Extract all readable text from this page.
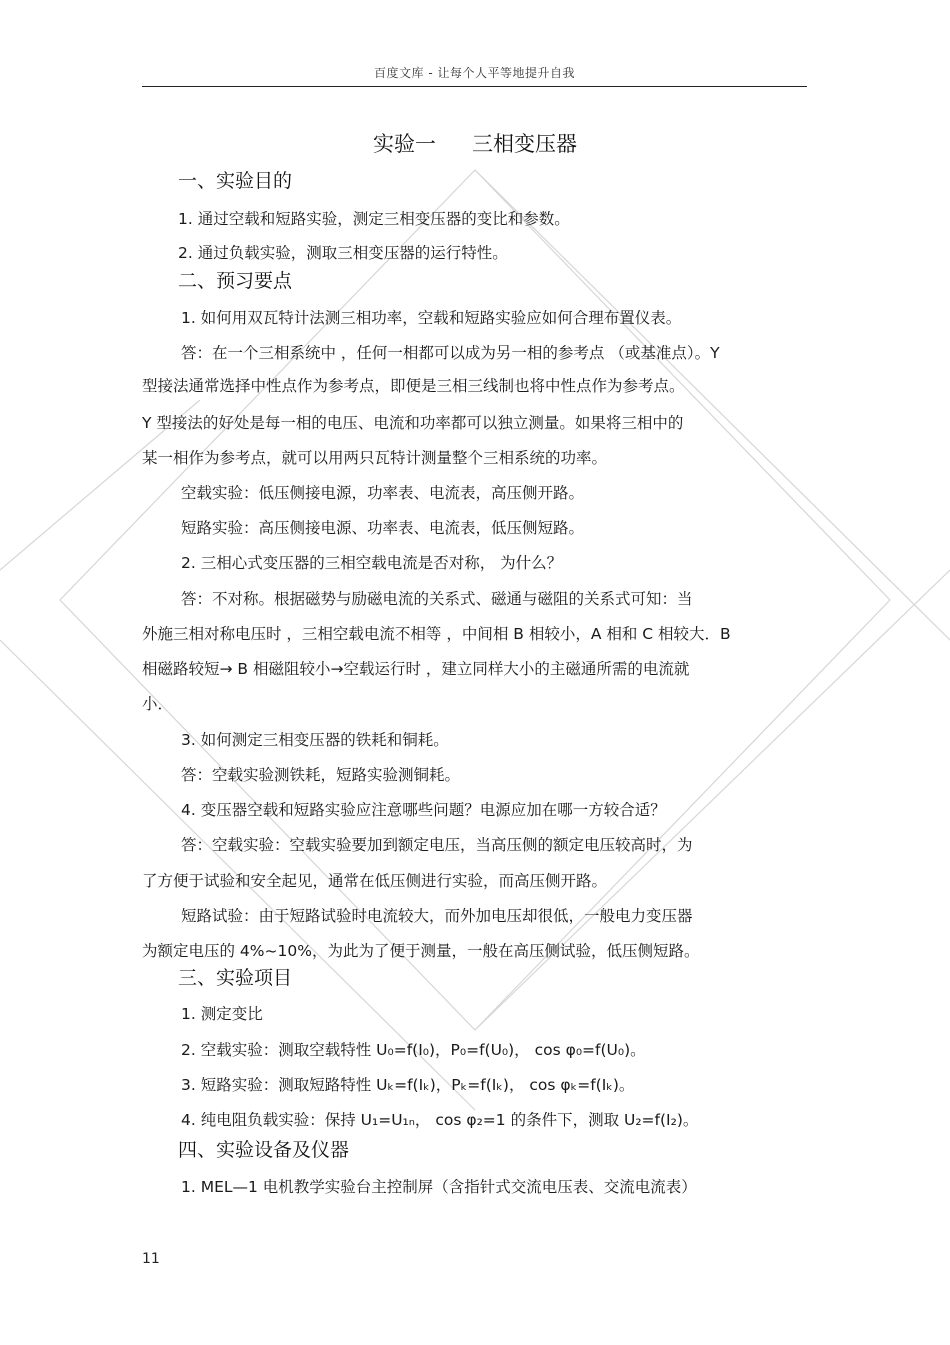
百度文库 - 让每个人平等地提升自我
实验一 三相变压器
一、实验目的
1. 通过空载和短路实验，测定三相变压器的变比和参数。
2. 通过负载实验，测取三相变压器的运行特性。
二、预习要点
1. 如何用双瓦特计法测三相功率，空载和短路实验应如何合理布置仪表。
答：在一个三相系统中 ，任何一相都可以成为另一相的参考点 （或基准点）。Y
型接法通常选择中性点作为参考点，即便是三相三线制也将中性点作为参考点。
Y 型接法的好处是每一相的电压、电流和功率都可以独立测量。如果将三相中的
某一相作为参考点，就可以用两只瓦特计测量整个三相系统的功率。
空载实验：低压侧接电源，功率表、电流表，高压侧开路。
短路实验：高压侧接电源、功率表、电流表，低压侧短路。
2. 三相心式变压器的三相空载电流是否对称， 为什么？
答：不对称。根据磁势与励磁电流的关系式、磁通与磁阻的关系式可知：当
外施三相对称电压时 ，三相空载电流不相等 ，中间相 B 相较小，A 相和 C 相较大．B
相磁路较短→ B 相磁阻较小→空载运行时 ，建立同样大小的主磁通所需的电流就
小．
3. 如何测定三相变压器的铁耗和铜耗。
答：空载实验测铁耗，短路实验测铜耗。
4. 变压器空载和短路实验应注意哪些问题？电源应加在哪一方较合适？
答：空载实验：空载实验要加到额定电压，当高压侧的额定电压较高时，为
了方便于试验和安全起见，通常在低压侧进行实验，而高压侧开路。
短路试验：由于短路试验时电流较大，而外加电压却很低，一般电力变压器
为额定电压的 4%~10%，为此为了便于测量，一般在高压侧试验，低压侧短路。
三、实验项目
1. 测定变比
2. 空载实验：测取空载特性 U₀=f(I₀)，P₀=f(U₀)， cos φ₀=f(U₀)。
3. 短路实验：测取短路特性 Uₖ=f(Iₖ)，Pₖ=f(Iₖ)， cos φₖ=f(Iₖ)。
4. 纯电阻负载实验：保持 U₁=U₁ₙ， cos φ₂=1 的条件下，测取 U₂=f(I₂)。
四、实验设备及仪器
1. MEL—1 电机教学实验台主控制屏（含指针式交流电压表、交流电流表）
11
